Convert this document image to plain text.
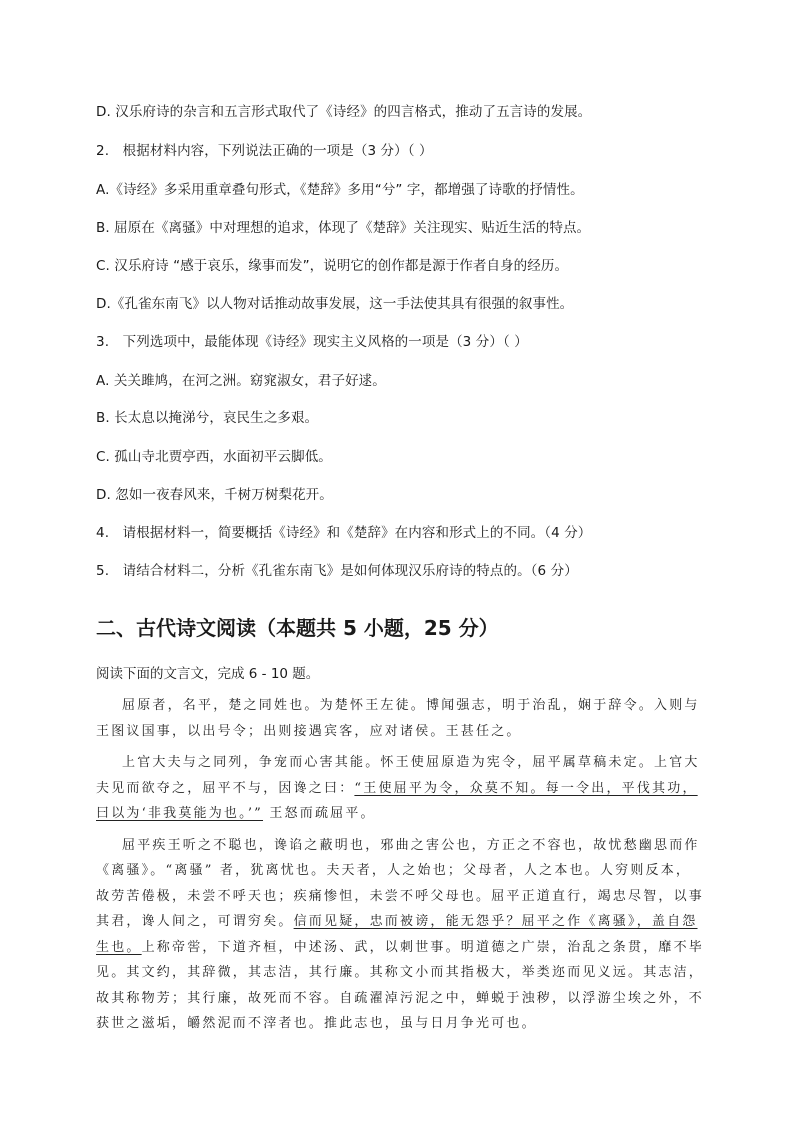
D. 汉乐府诗的杂言和五言形式取代了《诗经》的四言格式，推动了五言诗的发展。
2.　根据材料内容，下列说法正确的一项是（3 分）（ ）
A.《诗经》多采用重章叠句形式，《楚辞》多用“兮” 字，都增强了诗歌的抒情性。
B. 屈原在《离骚》中对理想的追求，体现了《楚辞》关注现实、贴近生活的特点。
C. 汉乐府诗 “感于哀乐，缘事而发”，说明它的创作都是源于作者自身的经历。
D.《孔雀东南飞》以人物对话推动故事发展，这一手法使其具有很强的叙事性。
3.　下列选项中，最能体现《诗经》现实主义风格的一项是（3 分）（ ）
A. 关关雎鸠，在河之洲。窈窕淑女，君子好逑。
B. 长太息以掩涕兮，哀民生之多艰。
C. 孤山寺北贾亭西，水面初平云脚低。
D. 忽如一夜春风来，千树万树梨花开。
4.　请根据材料一，简要概括《诗经》和《楚辞》在内容和形式上的不同。（4 分）
5.　请结合材料二，分析《孔雀东南飞》是如何体现汉乐府诗的特点的。（6 分）
二、古代诗文阅读（本题共 5 小题，25 分）
阅读下面的文言文，完成 6 - 10 题。

屈原者，名平，楚之同姓也。为楚怀王左徒。博闻强志，明于治乱，娴于辞令。入则与王图议国事，以出号令；出则接遇宾客，应对诸侯。王甚任之。

上官大夫与之同列，争宠而心害其能。怀王使屈原造为宪令，屈平属草稿未定。上官大夫见而欲夺之，屈平不与，因谗之曰：“王使屈平为令，众莫不知。每一令出，平伐其功，曰以为‘非我莫能为也。’” 王怒而疏屈平。

屈平疾王听之不聪也，谗谄之蔽明也，邪曲之害公也，方正之不容也，故忧愁幽思而作《离骚》。“离骚” 者，犹离忧也。夫天者，人之始也；父母者，人之本也。人穷则反本，故劳苦倦极，未尝不呼天也；疾痛惨怛，未尝不呼父母也。屈平正道直行，竭忠尽智，以事其君，谗人间之，可谓穷矣。信而见疑，忠而被谤，能无怨乎？屈平之作《离骚》，盖自怨生也。上称帝喾，下道齐桓，中述汤、武，以刺世事。明道德之广崇，治乱之条贯，靡不毕见。其文约，其辞微，其志洁，其行廉。其称文小而其指极大，举类迩而见义远。其志洁，故其称物芳；其行廉，故死而不容。自疏濯淖污泥之中，蝉蜕于浊秽，以浮游尘埃之外，不获世之滋垢，皭然泥而不滓者也。推此志也，虽与日月争光可也。
